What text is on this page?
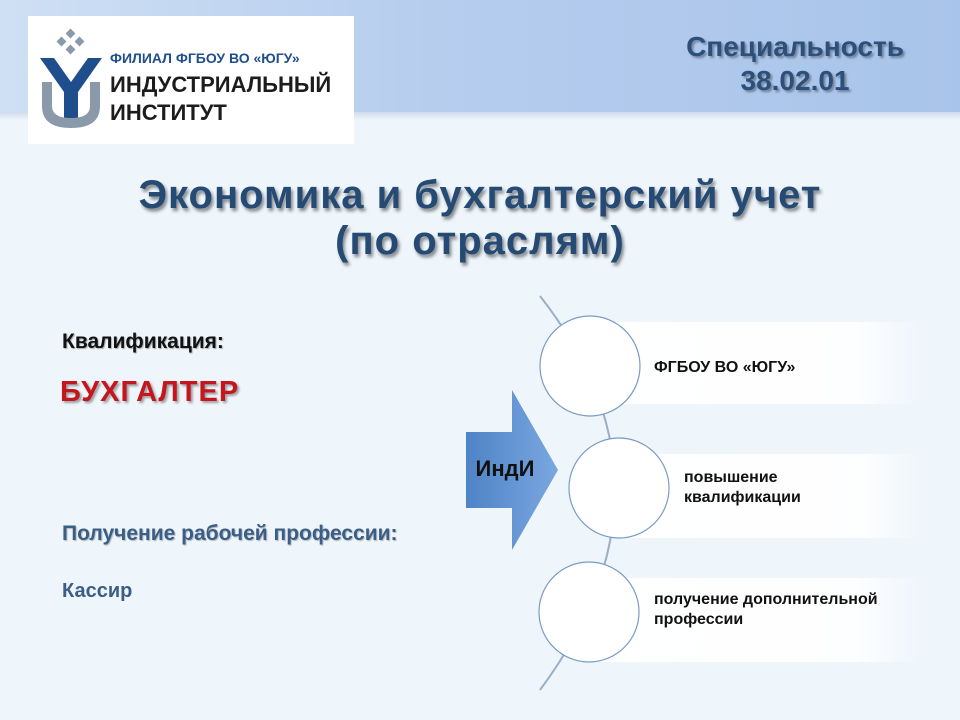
ФИЛИАЛ ФГБОУ ВО «ЮГУ»
ИНДУСТРИАЛЬНЫЙ
ИНСТИТУТ
Специальность
38.02.01
Экономика и бухгалтерский учет
(по отраслям)
Квалификация:
БУХГАЛТЕР
Получение рабочей профессии:
Кассир
ИндИ
ФГБОУ ВО «ЮГУ»
повышение квалификации
получение дополнительной профессии
